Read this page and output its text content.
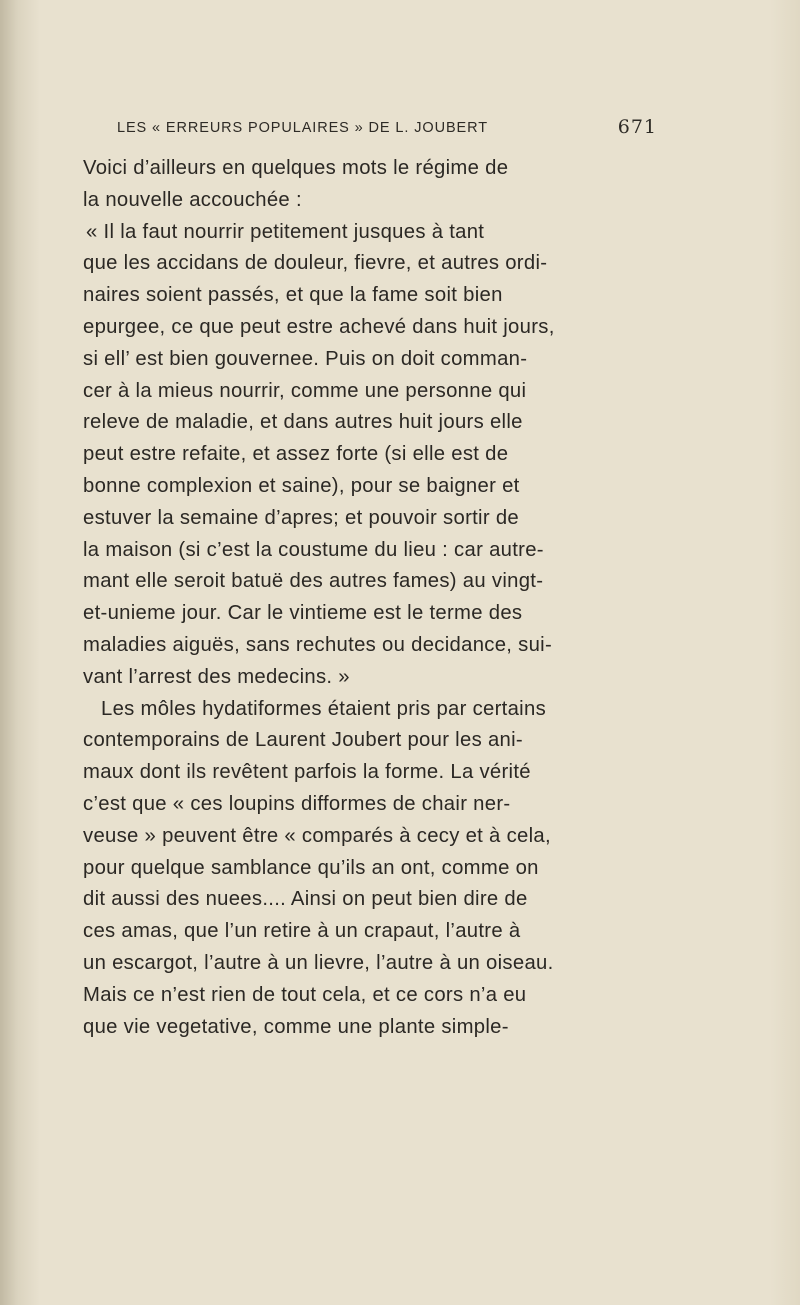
LES « ERREURS POPULAIRES » DE L. JOUBERT	671
Voici d’ailleurs en quelques mots le régime de
la nouvelle accouchée :
« Il la faut nourrir petitement jusques à tant
que les accidans de douleur, fievre, et autres ordi-
naires soient passés, et que la fame soit bien
epurgee, ce que peut estre achevé dans huit jours,
si ell’ est bien gouvernee. Puis on doit comman-
cer à la mieus nourrir, comme une personne qui
releve de maladie, et dans autres huit jours elle
peut estre refaite, et assez forte (si elle est de
bonne complexion et saine), pour se baigner et
estuver la semaine d’apres; et pouvoir sortir de
la maison (si c’est la coustume du lieu : car autre-
mant elle seroit batuë des autres fames) au vingt-
et-unieme jour. Car le vintieme est le terme des
maladies aiguës, sans rechutes ou decidance, sui-
vant l’arrest des medecins. »
Les môles hydatiformes étaient pris par certains
contemporains de Laurent Joubert pour les ani-
maux dont ils revêtent parfois la forme. La vérité
c’est que « ces loupins difformes de chair ner-
veuse » peuvent être « comparés à cecy et à cela,
pour quelque samblance qu’ils an ont, comme on
dit aussi des nuees.... Ainsi on peut bien dire de
ces amas, que l’un retire à un crapaut, l’autre à
un escargot, l’autre à un lievre, l’autre à un oiseau.
Mais ce n’est rien de tout cela, et ce cors n’a eu
que vie vegetative, comme une plante simple-
